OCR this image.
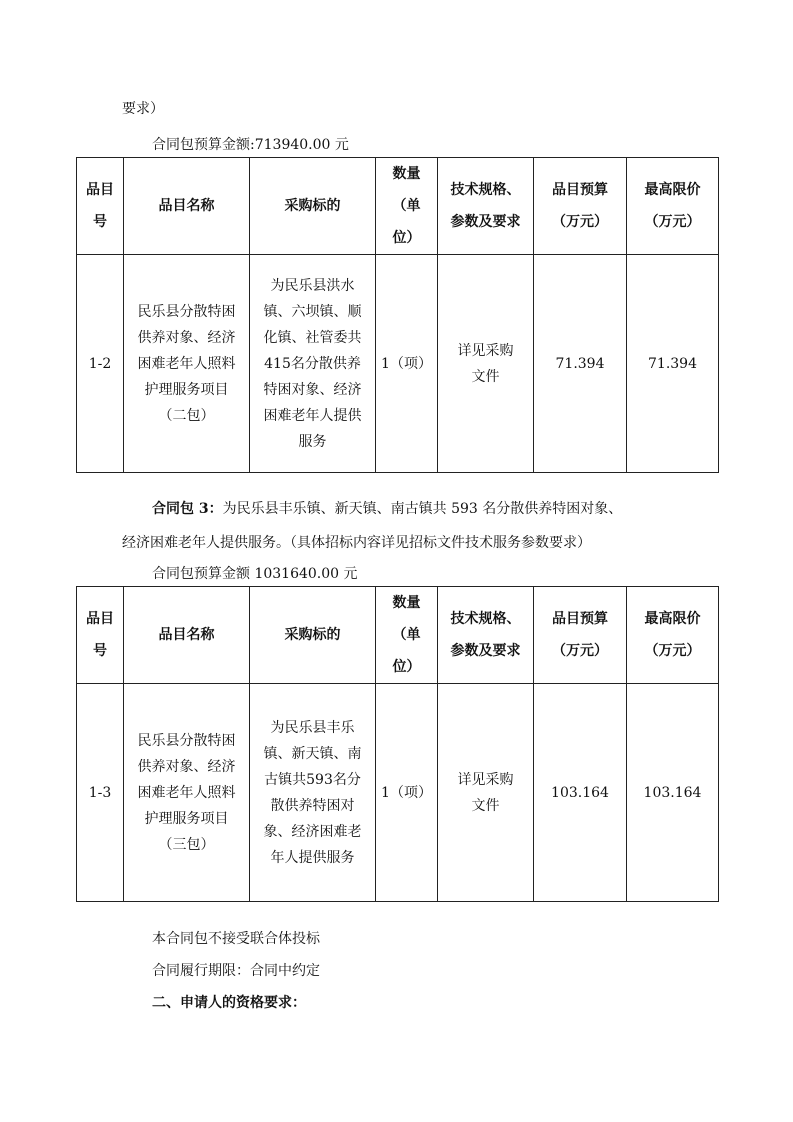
要求）
合同包预算金额:713940.00 元
品目号	品目名称	采购标的	数量（单位）	技术规格、参数及要求	品目预算（万元）	最高限价（万元）

1-2	民乐县分散特困供养对象、经济困难老年人照料护理服务项目（二包）	为民乐县洪水镇、六坝镇、顺化镇、社管委共415名分散供养特困对象、经济困难老年人提供服务	1（项）	详见采购文件	71.394	71.394
合同包 3：为民乐县丰乐镇、新天镇、南古镇共 593 名分散供养特困对象、
经济困难老年人提供服务。（具体招标内容详见招标文件技术服务参数要求）
合同包预算金额 1031640.00 元
品目号	品目名称	采购标的	数量（单位）	技术规格、参数及要求	品目预算（万元）	最高限价（万元）

1-3	民乐县分散特困供养对象、经济困难老年人照料护理服务项目（三包）	为民乐县丰乐镇、新天镇、南古镇共593名分散供养特困对象、经济困难老年人提供服务	1（项）	详见采购文件	103.164	103.164
本合同包不接受联合体投标
合同履行期限：合同中约定
二、申请人的资格要求：
